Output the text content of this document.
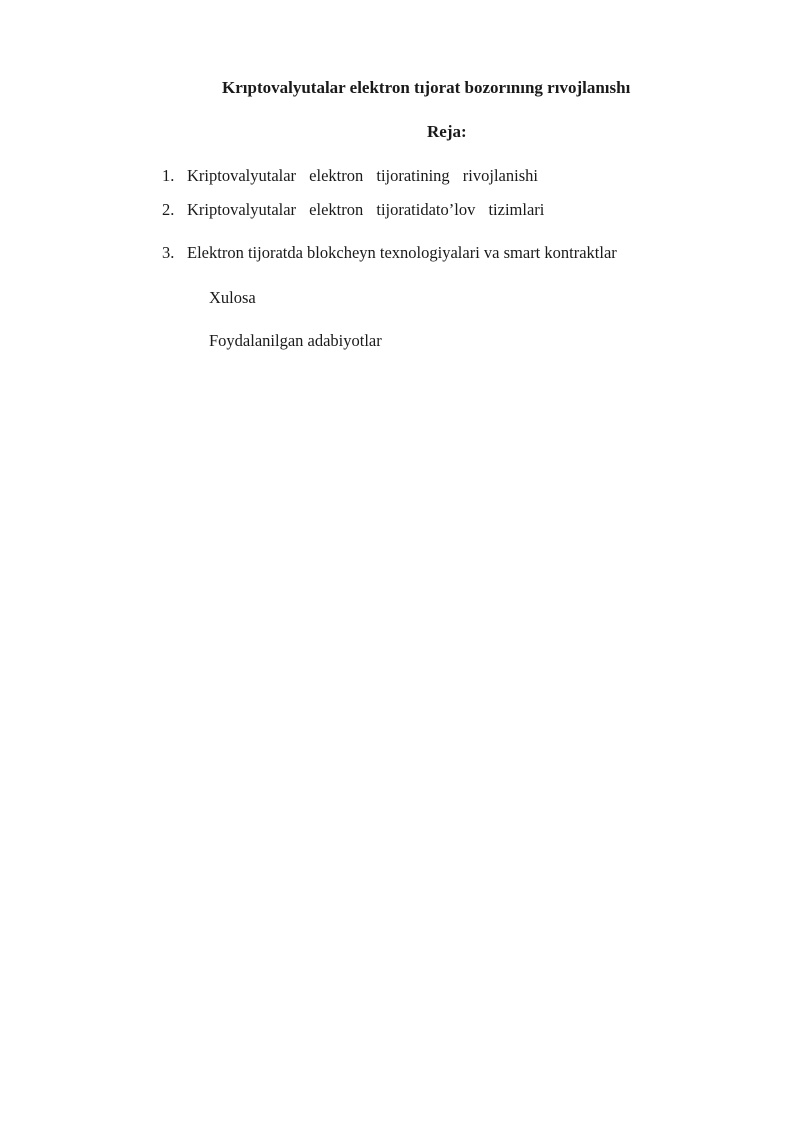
Krıptovalyutalar elektron tıjorat bozorınıng rıvojlanıshı
Reja:
1. Kriptovalyutalar elektron tijoratining rivojlanishi
2. Kriptovalyutalar elektron tijoratidato’lov tizimlari
3. Elektron tijoratda blokcheyn texnologiyalari va smart kontraktlar
Xulosa
Foydalanilgan adabiyotlar
